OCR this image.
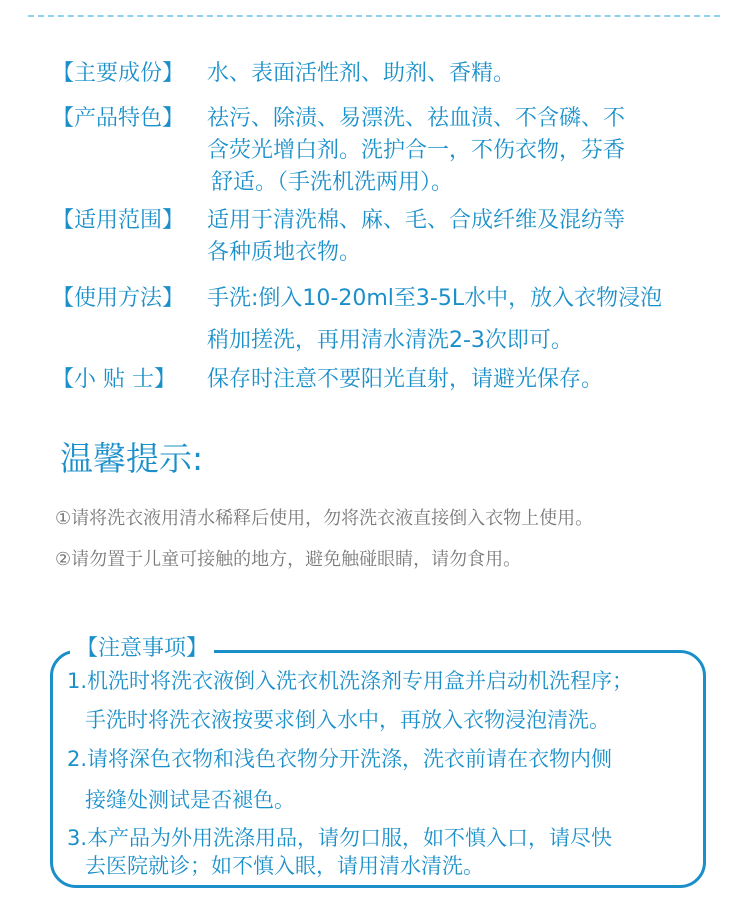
【主要成份】 水、表面活性剂、助剂、香精。
【产品特色】 祛污、除渍、易漂洗、祛血渍、不含磷、不
含荧光增白剂。洗护合一，不伤衣物，芬香
舒适。（手洗机洗两用）。
【适用范围】 适用于清洗棉、麻、毛、合成纤维及混纺等
各种质地衣物。
【使用方法】 手洗:倒入10-20ml至3-5L水中，放入衣物浸泡
稍加搓洗，再用清水清洗2-3次即可。
【小 贴 士】 保存时注意不要阳光直射，请避光保存。
温馨提示:
①请将洗衣液用清水稀释后使用，勿将洗衣液直接倒入衣物上使用。
②请勿置于儿童可接触的地方，避免触碰眼睛，请勿食用。
【注意事项】
1.机洗时将洗衣液倒入洗衣机洗涤剂专用盒并启动机洗程序；
手洗时将洗衣液按要求倒入水中，再放入衣物浸泡清洗。
2.请将深色衣物和浅色衣物分开洗涤，洗衣前请在衣物内侧
接缝处测试是否褪色。
3.本产品为外用洗涤用品，请勿口服，如不慎入口，请尽快
去医院就诊；如不慎入眼，请用清水清洗。
